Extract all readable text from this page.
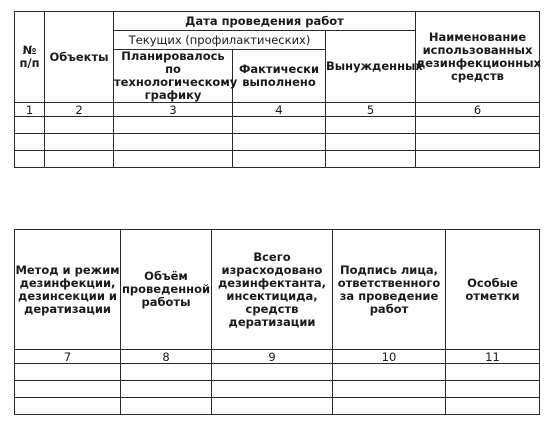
№
п/п	Объекты	Дата проведения работ			Наименование использованных дезинфекционных средств
		Текущих (профилактических)		Вынужденных	
		Планировалось по технологическому графику	Фактически выполнено		
1	2	3	4	5	6

Метод и режим дезинфекции, дезинсекции и дератизации	Объём проведенной работы	Всего израсходовано дезинфектанта, инсектицида, средств дератизации	Подпись лица, ответственного за проведение работ	Особые отметки
7	8	9	10	11
